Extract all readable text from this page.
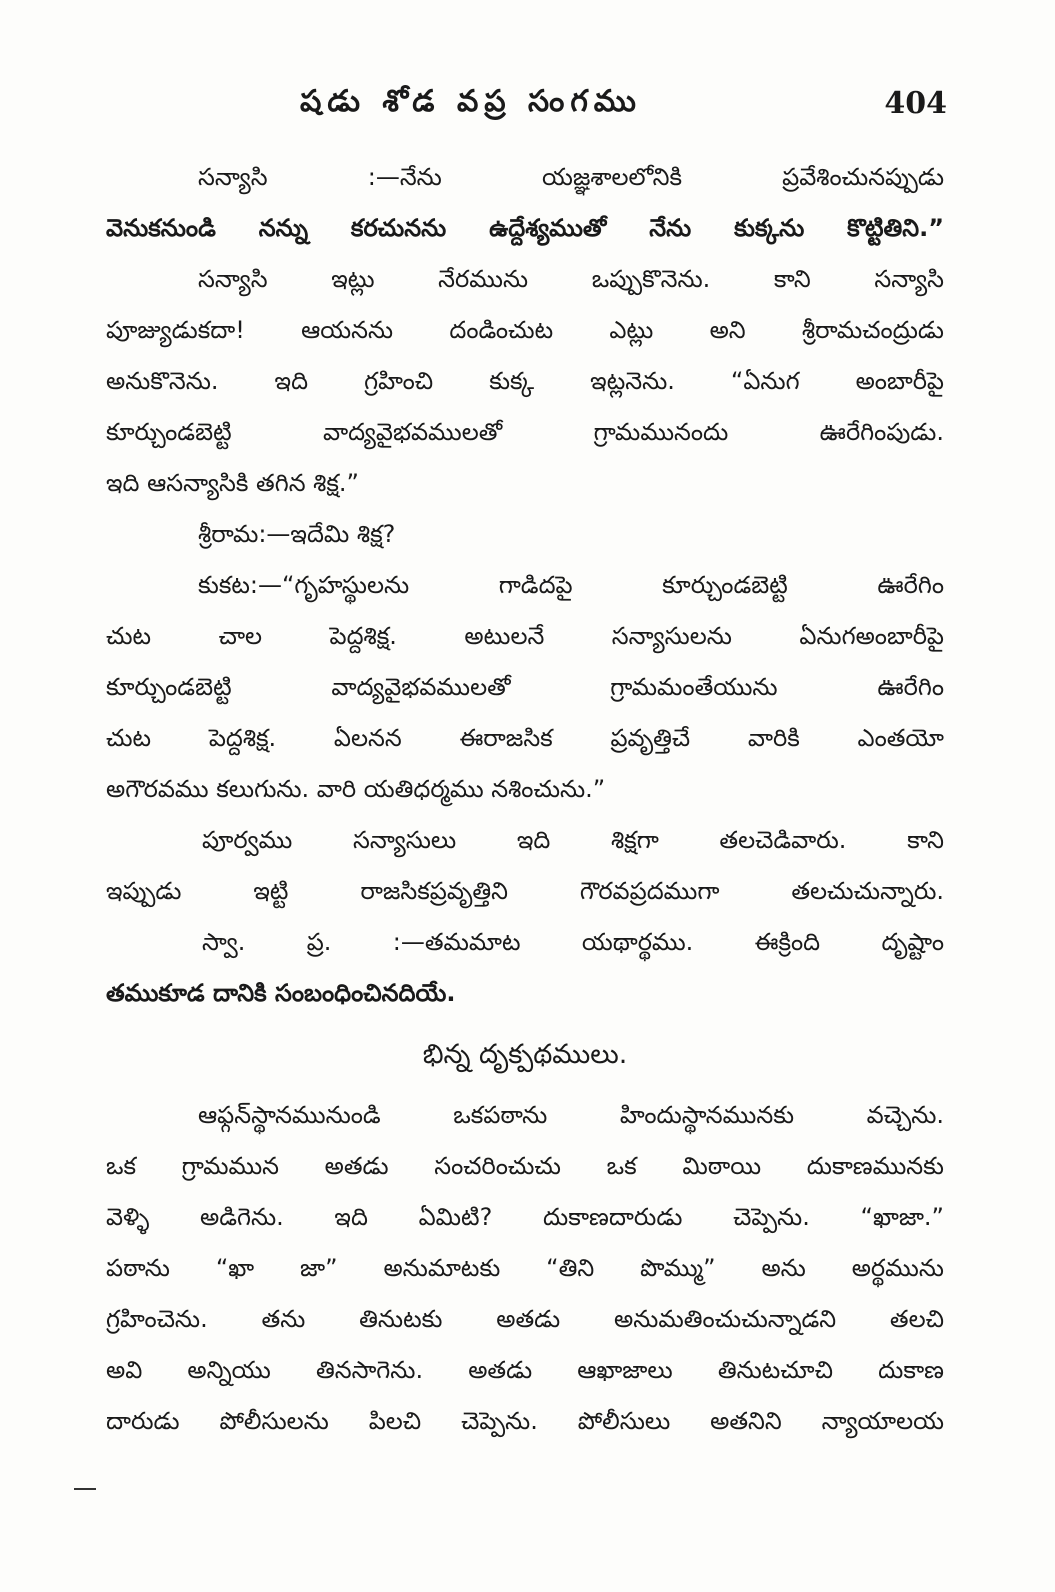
షడు శోడ వప్ర సంగము	404
సన్యాసి :—నేను యజ్ఞశాలలోనికి ప్రవేశించునప్పుడు
వెనుకనుండి నన్ను కరచునను ఉద్దేశ్యముతో నేను కుక్కను కొట్టితిని.”
సన్యాసి ఇట్లు నేరమును ఒప్పుకొనెను. కాని సన్యాసి
పూజ్యుడుకదా! ఆయనను దండించుట ఎట్లు అని శ్రీరామచంద్రుడు
అనుకొనెను. ఇది గ్రహించి కుక్క ఇట్లనెను. “ఏనుగ అంబారీపై
కూర్చుండబెట్టి వాద్యవైభవములతో గ్రామమునందు ఊరేగింపుడు.
ఇది ఆసన్యాసికి తగిన శిక్ష.”
శ్రీరామ:—ఇదేమి శిక్ష?
కుకట:—“గృహస్థులను గాడిదపై కూర్చుండబెట్టి ఊరేగిం
చుట చాల పెద్దశిక్ష. అటులనే సన్యాసులను ఏనుగఅంబారీపై
కూర్చుండబెట్టి వాద్యవైభవములతో గ్రామమంతేయును ఊరేగిం
చుట పెద్దశిక్ష. ఏలనన ఈరాజసిక ప్రవృత్తిచే వారికి ఎంతయో
అగౌరవము కలుగును. వారి యతిధర్మము నశించును.”
పూర్వము సన్యాసులు ఇది శిక్షగా తలచెడివారు. కాని
ఇప్పుడు ఇట్టి రాజసికప్రవృత్తిని గౌరవప్రదముగా తలచుచున్నారు.
స్వా. ప్ర. :—తమమాట యథార్థము. ఈక్రింది దృష్టాం
తముకూడ దానికి సంబంధించినదియే.
భిన్న దృక్పథములు.
ఆఫ్గన్‌స్థానమునుండి ఒకపఠాను హిందుస్థానమునకు వచ్చెను.
ఒక గ్రామమున అతడు సంచరించుచు ఒక మిఠాయి దుకాణమునకు
వెళ్ళి అడిగెను. ఇది ఏమిటి? దుకాణదారుడు చెప్పెను. “ఖాజా.”
పఠాను “ఖా జా” అనుమాటకు “తిని పొమ్ము” అను అర్థమును
గ్రహించెను. తను తినుటకు అతడు అనుమతించుచున్నాడని తలచి
అవి అన్నియు తినసాగెను. అతడు ఆఖాజాలు తినుటచూచి దుకాణ
దారుడు పోలీసులను పిలచి చెప్పెను. పోలీసులు అతనిని న్యాయాలయ
